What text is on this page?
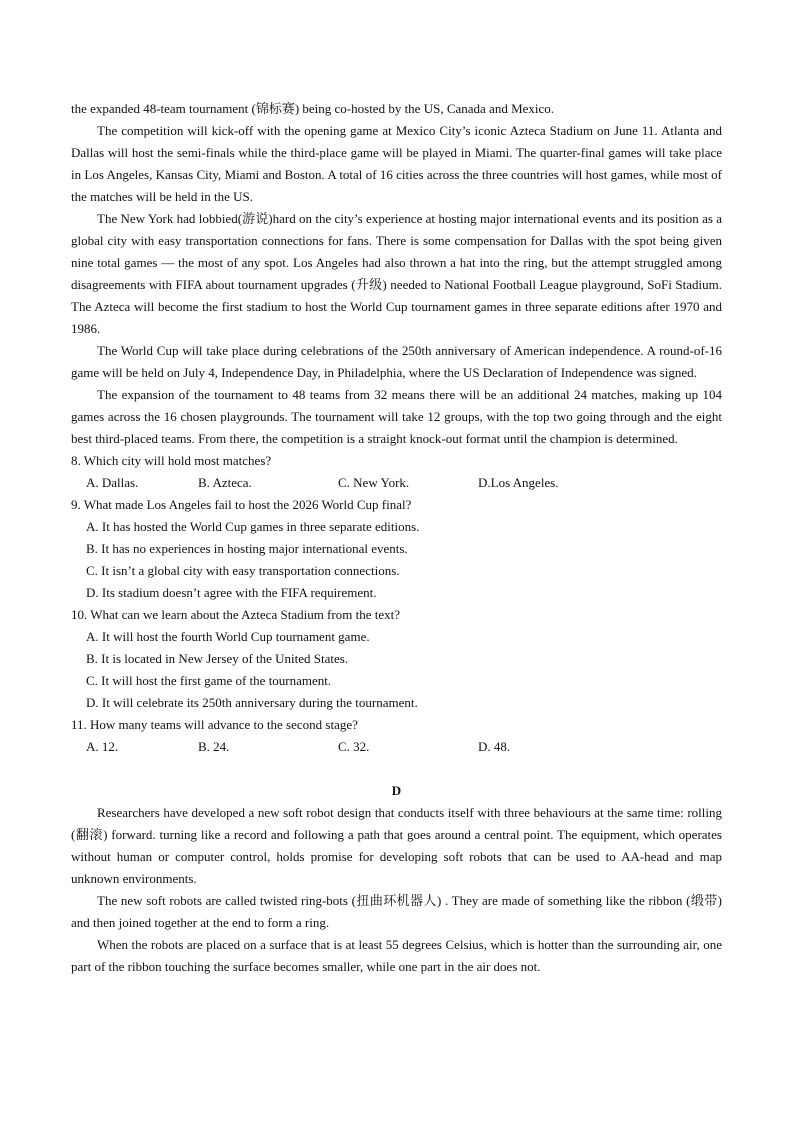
the expanded 48-team tournament (锦标赛) being co-hosted by the US, Canada and Mexico.

The competition will kick-off with the opening game at Mexico City’s iconic Azteca Stadium on June 11. Atlanta and Dallas will host the semi-finals while the third-place game will be played in Miami. The quarter-final games will take place in Los Angeles, Kansas City, Miami and Boston. A total of 16 cities across the three countries will host games, while most of the matches will be held in the US.

The New York had lobbied(游说)hard on the city’s experience at hosting major international events and its position as a global city with easy transportation connections for fans. There is some compensation for Dallas with the spot being given nine total games — the most of any spot. Los Angeles had also thrown a hat into the ring, but the attempt struggled among disagreements with FIFA about tournament upgrades (升级) needed to National Football League playground, SoFi Stadium. The Azteca will become the first stadium to host the World Cup tournament games in three separate editions after 1970 and 1986.

The World Cup will take place during celebrations of the 250th anniversary of American independence. A round-of-16 game will be held on July 4, Independence Day, in Philadelphia, where the US Declaration of Independence was signed.

The expansion of the tournament to 48 teams from 32 means there will be an additional 24 matches, making up 104 games across the 16 chosen playgrounds. The tournament will take 12 groups, with the top two going through and the eight best third-placed teams. From there, the competition is a straight knock-out format until the champion is determined.

8. Which city will hold most matches?

A. Dallas.	B. Azteca.	C. New York.	D.Los Angeles.

9. What made Los Angeles fail to host the 2026 World Cup final?

A. It has hosted the World Cup games in three separate editions.
B. It has no experiences in hosting major international events.
C. It isn’t a global city with easy transportation connections.
D. Its stadium doesn’t agree with the FIFA requirement.

10. What can we learn about the Azteca Stadium from the text?

A. It will host the fourth World Cup tournament game.
B. It is located in New Jersey of the United States.
C. It will host the first game of the tournament.
D. It will celebrate its 250th anniversary during the tournament.

11. How many teams will advance to the second stage?

A. 12.	B. 24.	C. 32.	D. 48.

D

Researchers have developed a new soft robot design that conducts itself with three behaviours at the same time: rolling (翻滚) forward. turning like a record and following a path that goes around a central point. The equipment, which operates without human or computer control, holds promise for developing soft robots that can be used to AA-head and map unknown environments.

The new soft robots are called twisted ring-bots (扭曲环机器人) . They are made of something like the ribbon (缎带) and then joined together at the end to form a ring.

When the robots are placed on a surface that is at least 55 degrees Celsius, which is hotter than the surrounding air, one part of the ribbon touching the surface becomes smaller, while one part in the air does not.
